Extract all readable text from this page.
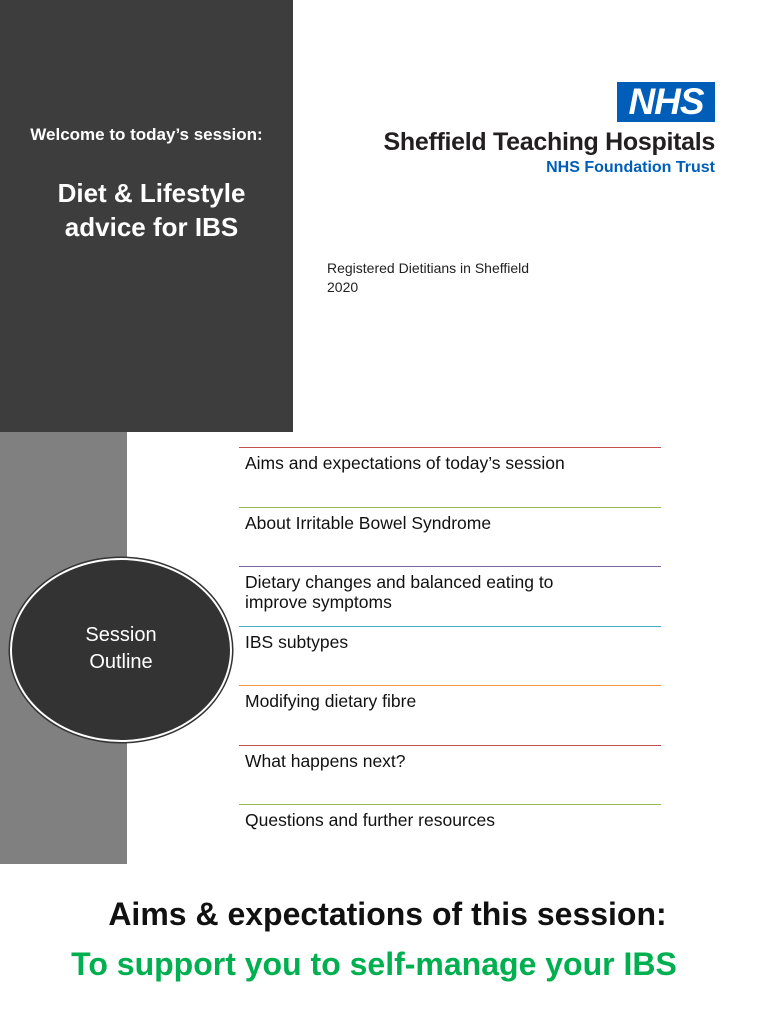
Welcome to today’s session:
Diet & Lifestyle
advice for IBS
NHS
Sheffield Teaching Hospitals
NHS Foundation Trust
Registered Dietitians in Sheffield
2020
Session
Outline
Aims and expectations of today’s session
About Irritable Bowel Syndrome
Dietary changes and balanced eating to
improve symptoms
IBS subtypes
Modifying dietary fibre
What happens next?
Questions and further resources
Aims & expectations of this session:
To support you to self-manage your IBS
